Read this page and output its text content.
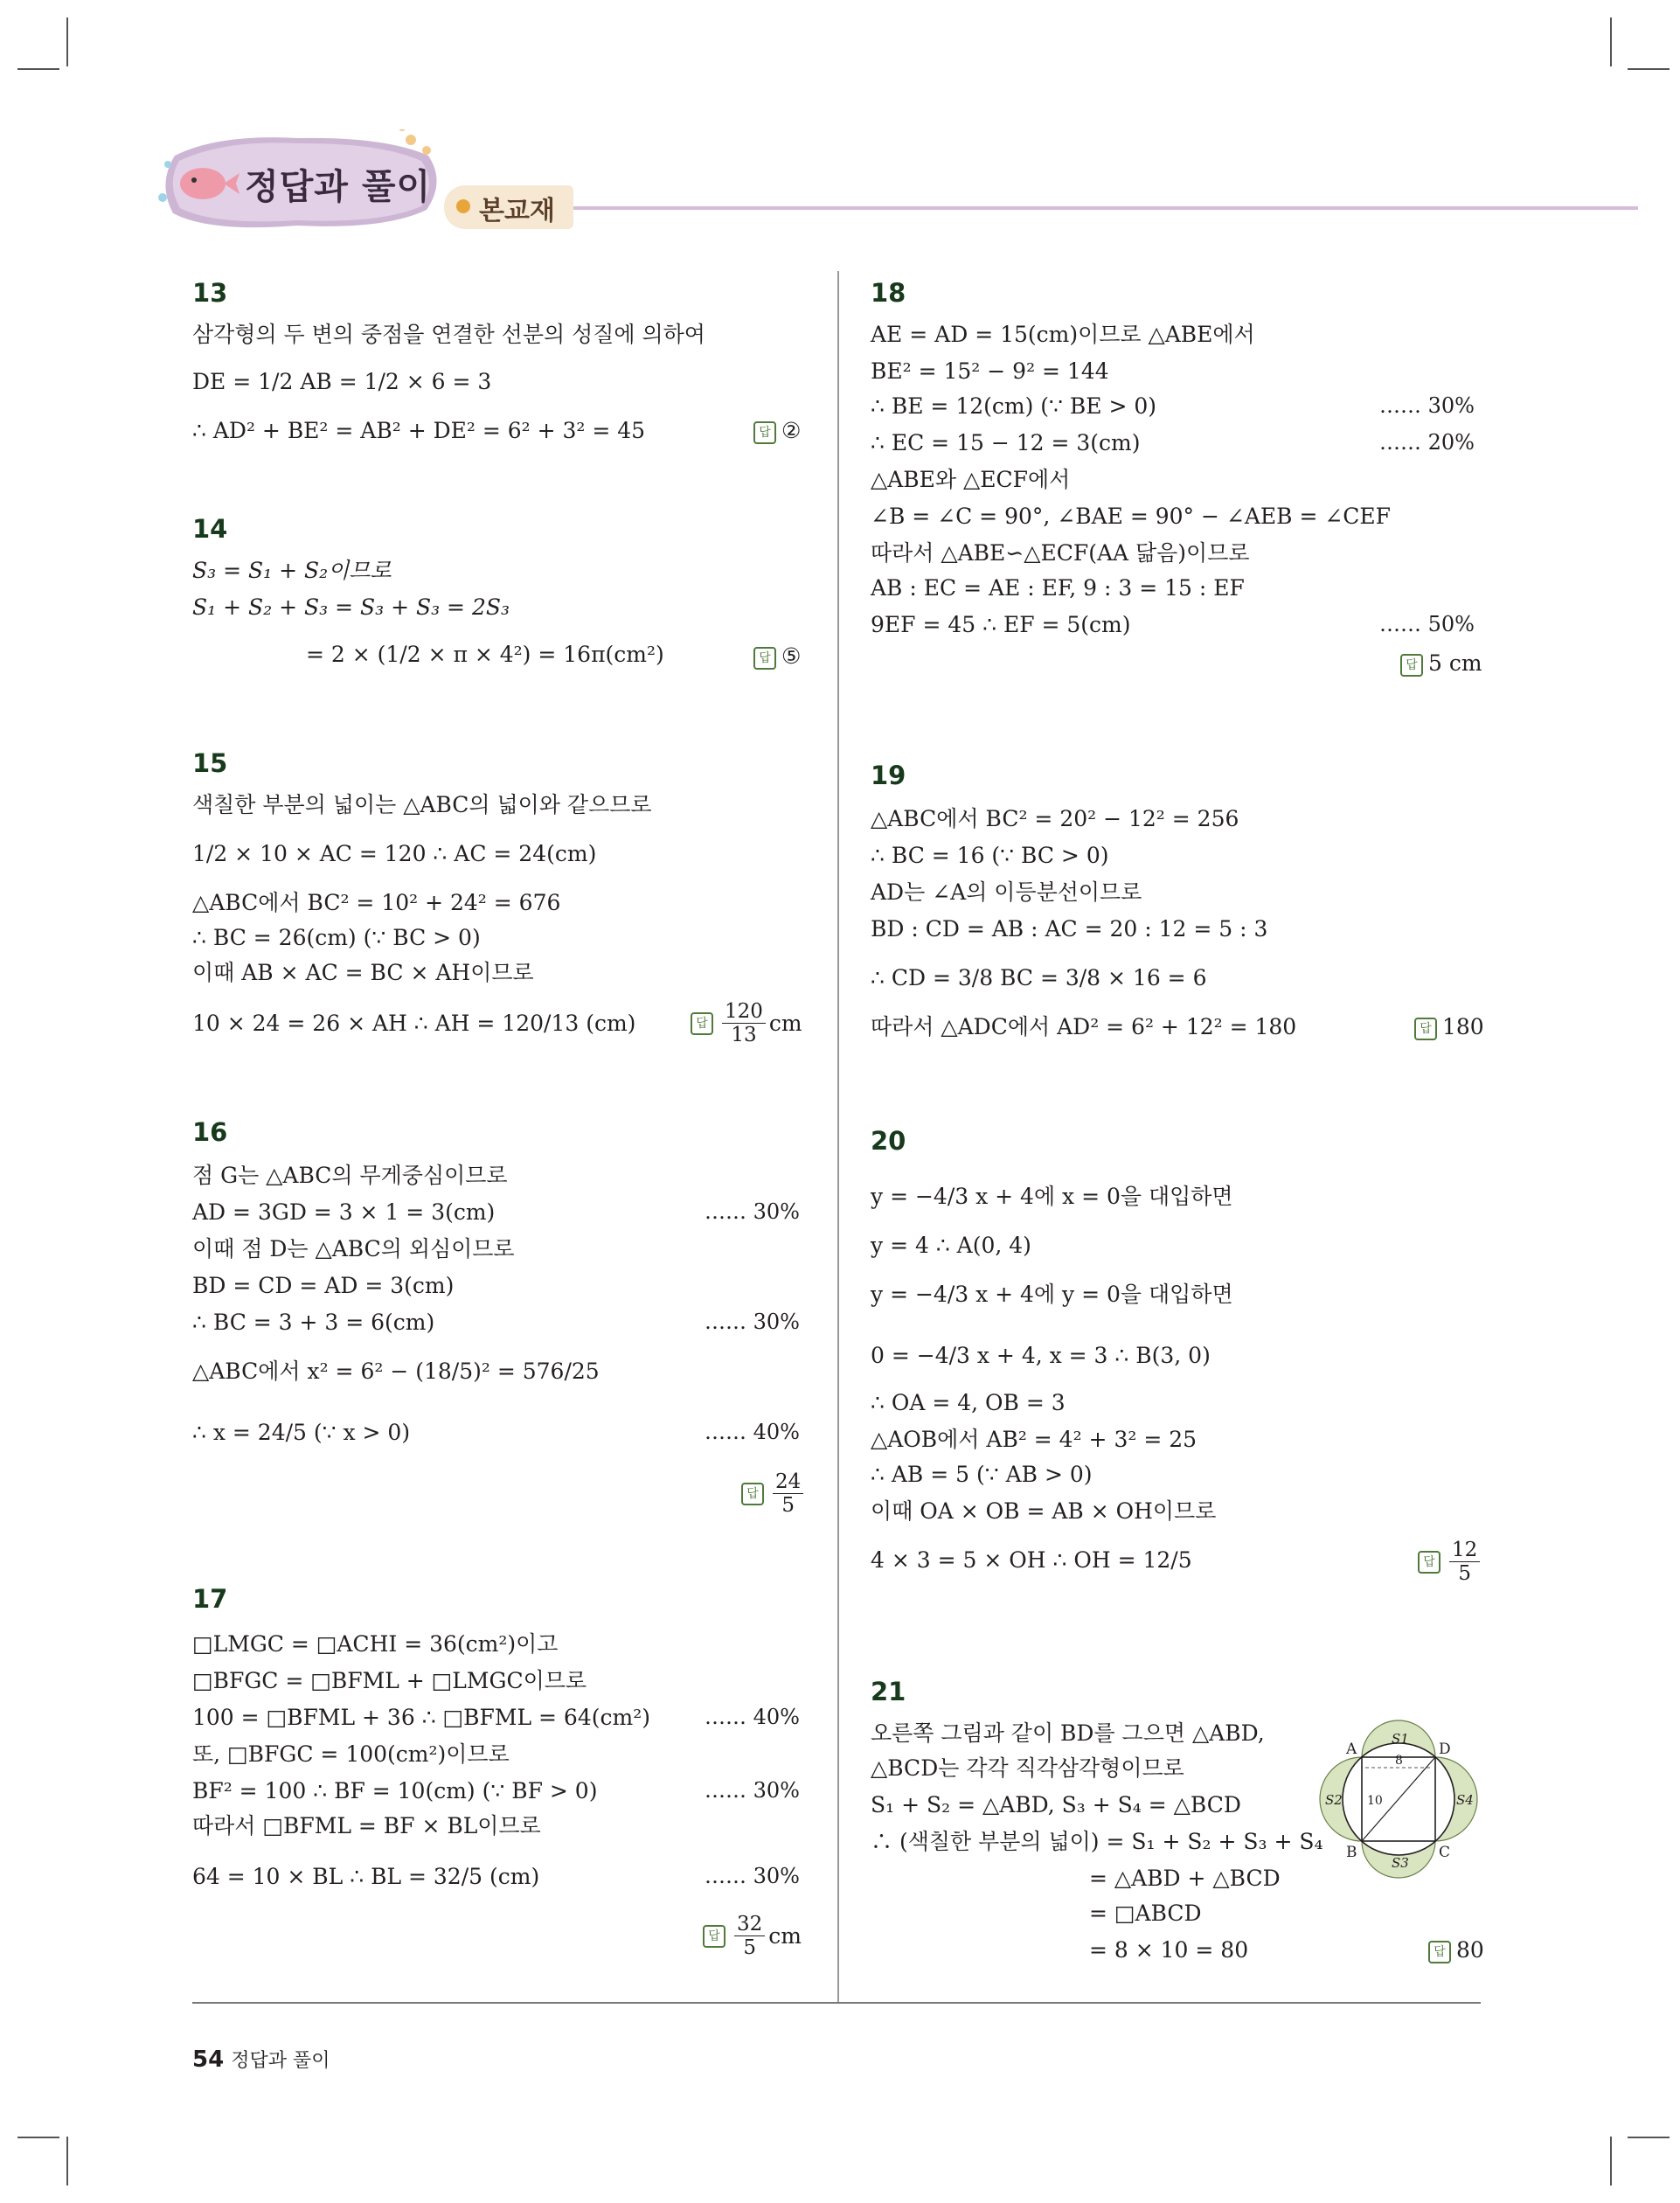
정답과 풀이
본교재
13
삼각형의 두 변의 중점을 연결한 선분의 성질에 의하여
DE = 1/2 AB = 1/2 × 6 = 3
∴ AD² + BE² = AB² + DE² = 6² + 3² = 45	답 ②
14
S₃ = S₁ + S₂이므로
S₁ + S₂ + S₃ = S₃ + S₃ = 2S₃
= 2 × (1/2 × π × 4²) = 16π(cm²)	답 ⑤
15
색칠한 부분의 넓이는 △ABC의 넓이와 같으므로
1/2 × 10 × AC = 120 ∴ AC = 24(cm)
△ABC에서 BC² = 10² + 24² = 676
∴ BC = 26(cm) (∵ BC > 0)
이때 AB × AC = BC × AH이므로
10 × 24 = 26 × AH ∴ AH = 120/13 (cm)	답
120
13 cm
16
점 G는 △ABC의 무게중심이므로
AD = 3GD = 3 × 1 = 3(cm)
이때 점 D는 △ABC의 외심이므로
BD = CD = AD = 3(cm)
∴ BC = 3 + 3 = 6(cm)
△ABC에서 x² = 6² − (18/5)² = 576/25
∴ x = 24/5 (∵ x > 0)
…… 30%
…… 30%
…… 40%
답
24
5
17
□LMGC = □ACHI = 36(cm²)이고
□BFGC = □BFML + □LMGC이므로
100 = □BFML + 36 ∴ □BFML = 64(cm²)
또, □BFGC = 100(cm²)이므로
BF² = 100 ∴ BF = 10(cm) (∵ BF > 0)
따라서 □BFML = BF × BL이므로
64 = 10 × BL ∴ BL = 32/5 (cm)
…… 40%
…… 30%
…… 30%
답
32
5 cm
18
AE = AD = 15(cm)이므로 △ABE에서
BE² = 15² − 9² = 144
∴ BE = 12(cm) (∵ BE > 0)
∴ EC = 15 − 12 = 3(cm)
△ABE와 △ECF에서
∠B = ∠C = 90°, ∠BAE = 90° − ∠AEB = ∠CEF
따라서 △ABE∽△ECF(AA 닮음)이므로
AB : EC = AE : EF, 9 : 3 = 15 : EF
9EF = 45 ∴ EF = 5(cm)
…… 30%
…… 20%
…… 50%
답 5 cm
19
△ABC에서 BC² = 20² − 12² = 256
∴ BC = 16 (∵ BC > 0)
AD는 ∠A의 이등분선이므로
BD : CD = AB : AC = 20 : 12 = 5 : 3
∴ CD = 3/8 BC = 3/8 × 16 = 6
따라서 △ADC에서 AD² = 6² + 12² = 180	답 180
20
y = −4/3 x + 4에 x = 0을 대입하면
y = 4 ∴ A(0, 4)
y = −4/3 x + 4에 y = 0을 대입하면
0 = −4/3 x + 4, x = 3 ∴ B(3, 0)
∴ OA = 4, OB = 3
△AOB에서 AB² = 4² + 3² = 25
∴ AB = 5 (∵ AB > 0)
이때 OA × OB = AB × OH이므로
4 × 3 = 5 × OH ∴ OH = 12/5	답
12
5
21
오른쪽 그림과 같이 BD를 그으면 △ABD,
△BCD는 각각 직각삼각형이므로
S₁ + S₂ = △ABD, S₃ + S₄ = △BCD
∴ (색칠한 부분의 넓이) = S₁ + S₂ + S₃ + S₄
= △ABD + △BCD
= □ABCD
= 8 × 10 = 80	답 80
A	D
B	C
S1
S2
S3
S4
8
10
54 정답과 풀이
